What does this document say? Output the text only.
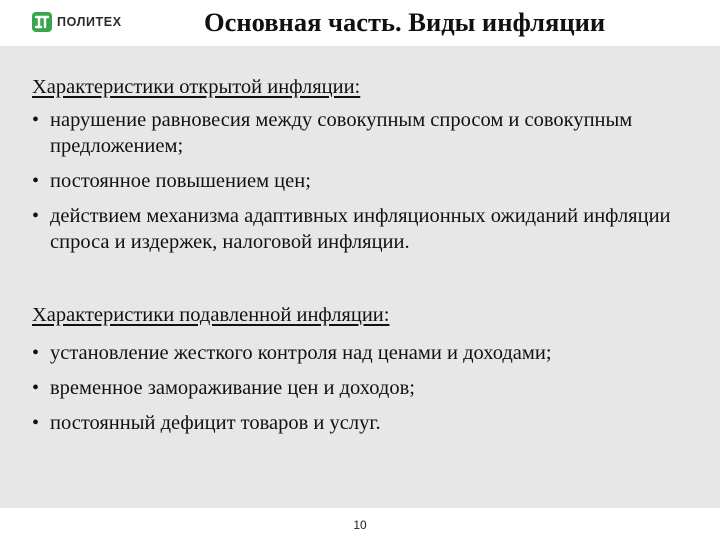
ПОЛИТЕХ	Основная часть. Виды инфляции
Характеристики открытой инфляции:
• нарушение равновесия между совокупным спросом и совокупным предложением;
• постоянное повышением цен;
• действием механизма адаптивных инфляционных ожиданий инфляции спроса и издержек, налоговой инфляции.
Характеристики подавленной инфляции:
• установление жесткого контроля над ценами и доходами;
• временное замораживание цен и доходов;
• постоянный дефицит товаров и услуг.
10
